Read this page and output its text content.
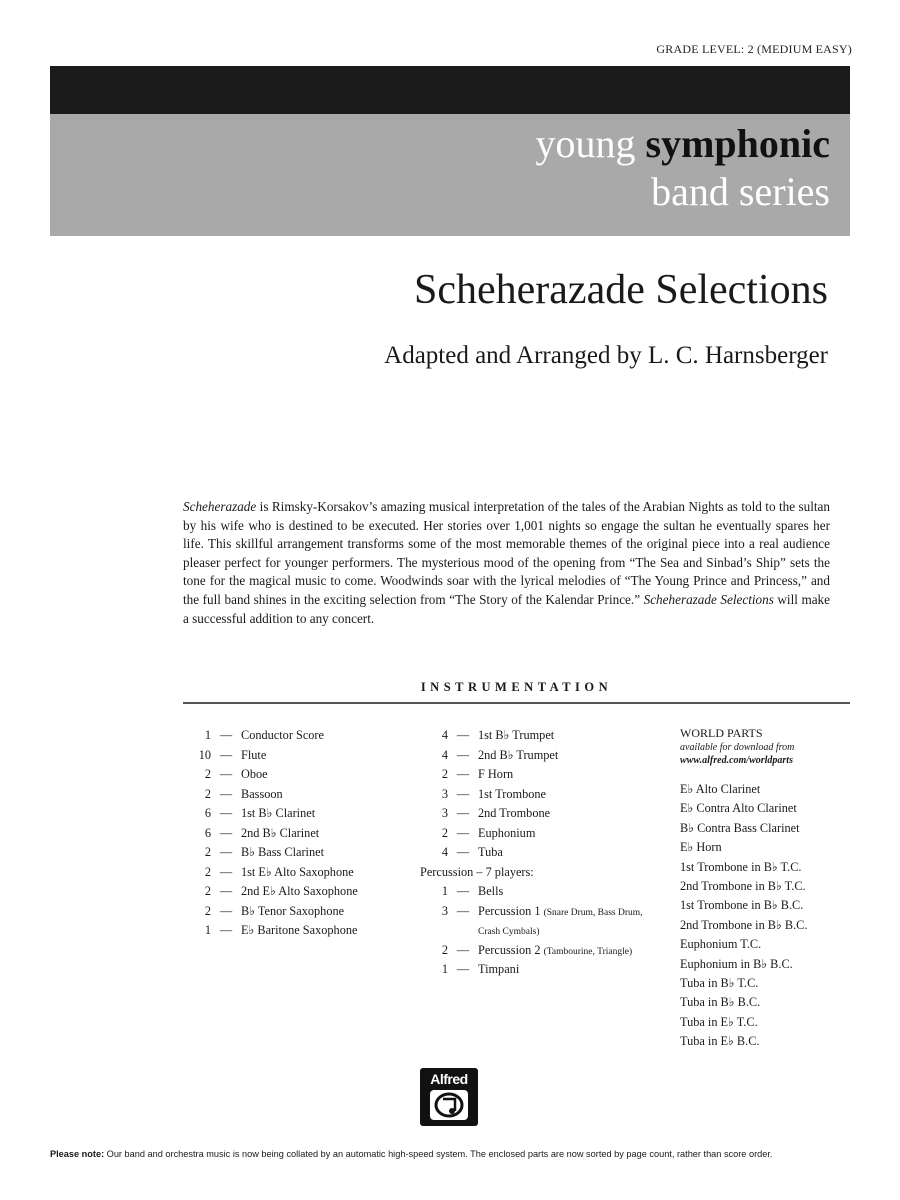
GRADE LEVEL: 2 (MEDIUM EASY)
young symphonic
band series
Scheherazade Selections
Adapted and Arranged by L. C. Harnsberger
Scheherazade is Rimsky-Korsakov’s amazing musical interpretation of the tales of the Arabian Nights as told to the sultan by his wife who is destined to be executed. Her stories over 1,001 nights so engage the sultan he eventually spares her life. This skillful arrangement transforms some of the most memorable themes of the original piece into a real audience pleaser perfect for younger performers. The mysterious mood of the opening from “The Sea and Sinbad’s Ship” sets the tone for the magical music to come. Woodwinds soar with the lyrical melodies of “The Young Prince and Princess,” and the full band shines in the exciting selection from “The Story of the Kalendar Prince.” Scheherazade Selections will make a successful addition to any concert.
INSTRUMENTATION
1 — Conductor Score
10 — Flute
2 — Oboe
2 — Bassoon
6 — 1st B♭ Clarinet
6 — 2nd B♭ Clarinet
2 — B♭ Bass Clarinet
2 — 1st E♭ Alto Saxophone
2 — 2nd E♭ Alto Saxophone
2 — B♭ Tenor Saxophone
1 — E♭ Baritone Saxophone
4 — 1st B♭ Trumpet
4 — 2nd B♭ Trumpet
2 — F Horn
3 — 1st Trombone
3 — 2nd Trombone
2 — Euphonium
4 — Tuba
Percussion – 7 players:
1 — Bells
3 — Percussion 1 (Snare Drum, Bass Drum,
Crash Cymbals)
2 — Percussion 2 (Tambourine, Triangle)
1 — Timpani
WORLD PARTS
available for download from
www.alfred.com/worldparts
E♭ Alto Clarinet
E♭ Contra Alto Clarinet
B♭ Contra Bass Clarinet
E♭ Horn
1st Trombone in B♭ T.C.
2nd Trombone in B♭ T.C.
1st Trombone in B♭ B.C.
2nd Trombone in B♭ B.C.
Euphonium T.C.
Euphonium in B♭ B.C.
Tuba in B♭ T.C.
Tuba in B♭ B.C.
Tuba in E♭ T.C.
Tuba in E♭ B.C.
Alfred
Please note: Our band and orchestra music is now being collated by an automatic high-speed system. The enclosed parts are now sorted by page count, rather than score order.
